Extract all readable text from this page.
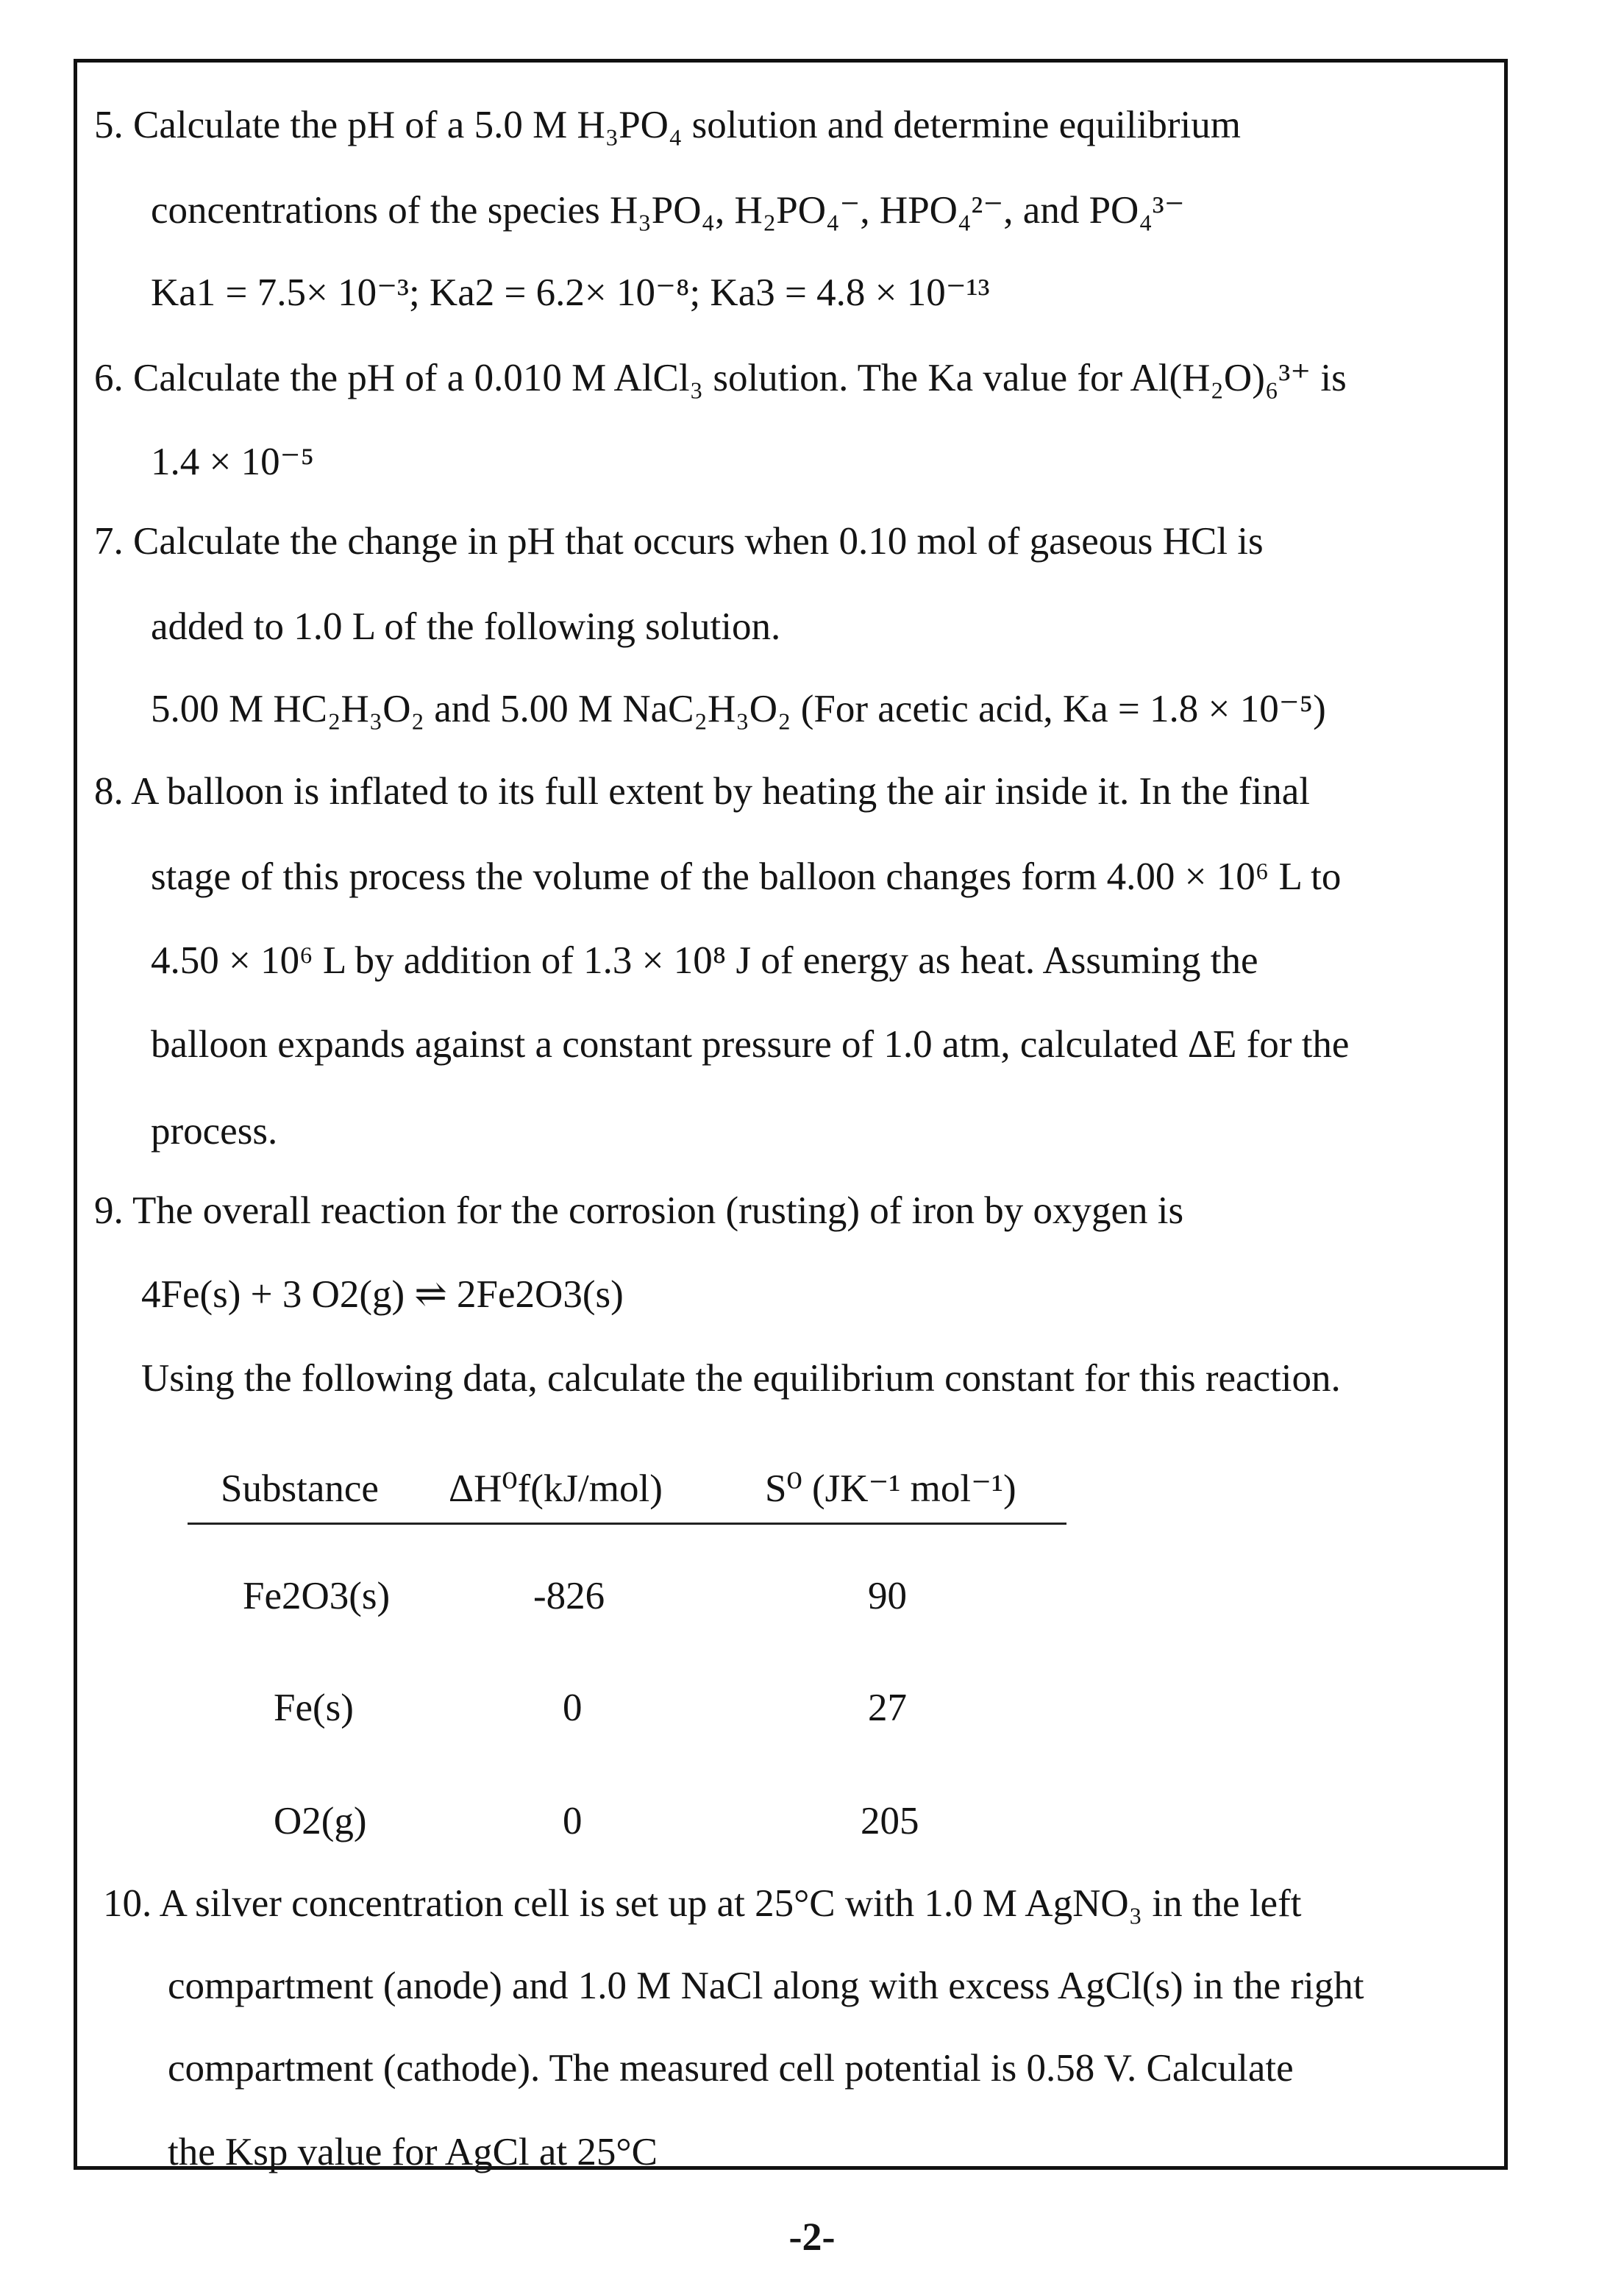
5. Calculate the pH of a 5.0 M H₃PO₄ solution and determine equilibrium
concentrations of the species H₃PO₄, H₂PO₄⁻, HPO₄²⁻, and PO₄³⁻
Ka1 = 7.5× 10⁻³; Ka2 = 6.2× 10⁻⁸; Ka3 = 4.8 × 10⁻¹³
6. Calculate the pH of a 0.010 M AlCl₃ solution. The Ka value for Al(H₂O)₆³⁺ is
1.4 × 10⁻⁵
7. Calculate the change in pH that occurs when 0.10 mol of gaseous HCl is
added to 1.0 L of the following solution.
5.00 M HC₂H₃O₂ and 5.00 M NaC₂H₃O₂ (For acetic acid, Ka = 1.8 × 10⁻⁵)
8. A balloon is inflated to its full extent by heating the air inside it. In the final
stage of this process the volume of the balloon changes form 4.00 × 10⁶ L to
4.50 × 10⁶ L by addition of 1.3 × 10⁸ J of energy as heat. Assuming the
balloon expands against a constant pressure of 1.0 atm, calculated ΔE for the
process.
9. The overall reaction for the corrosion (rusting) of iron by oxygen is
4Fe(s) + 3 O2(g) ⇌ 2Fe2O3(s)
Using the following data, calculate the equilibrium constant for this reaction.
Substance ΔH⁰f(kJ/mol)	S⁰ (JK⁻¹ mol⁻¹)
Fe2O3(s)	-826	90
Fe(s)	0	27
O2(g)	0	205
10. A silver concentration cell is set up at 25°C with 1.0 M AgNO₃ in the left
compartment (anode) and 1.0 M NaCl along with excess AgCl(s) in the right
compartment (cathode). The measured cell potential is 0.58 V. Calculate
the Ksp value for AgCl at 25°C
-2-
